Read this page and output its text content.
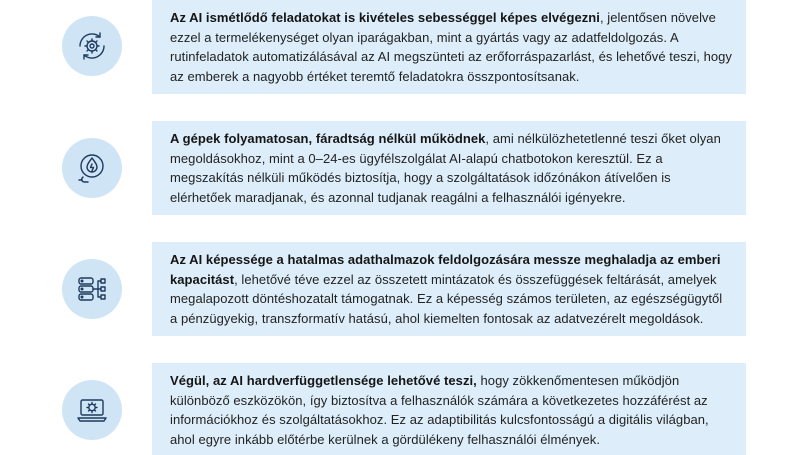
Az AI ismétlődő feladatokat is kivételes sebességgel képes elvégezni, jelentősen növelve ezzel a termelékenységet olyan iparágakban, mint a gyártás vagy az adatfeldolgozás. A rutinfeladatok automatizálásával az AI megszünteti az erőforráspazarlást, és lehetővé teszi, hogy az emberek a nagyobb értéket teremtő feladatokra összpontosítsanak.
A gépek folyamatosan, fáradtság nélkül működnek, ami nélkülözhetetlenné teszi őket olyan megoldásokhoz, mint a 0–24-es ügyfélszolgálat AI-alapú chatbotokon keresztül. Ez a megszakítás nélküli működés biztosítja, hogy a szolgáltatások időzónákon átívelően is elérhetőek maradjanak, és azonnal tudjanak reagálni a felhasználói igényekre.
Az AI képessége a hatalmas adathalmazok feldolgozására messze meghaladja az emberi kapacitást, lehetővé téve ezzel az összetett mintázatok és összefüggések feltárását, amelyek megalapozott döntéshozatalt támogatnak. Ez a képesség számos területen, az egészségügytől a pénzügyekig, transzformatív hatású, ahol kiemelten fontosak az adatvezérelt megoldások.
Végül, az AI hardverfüggetlensége lehetővé teszi, hogy zökkenőmentesen működjön különböző eszközökön, így biztosítva a felhasználók számára a következetes hozzáférést az információkhoz és szolgáltatásokhoz. Ez az adaptibilitás kulcsfontosságú a digitális világban, ahol egyre inkább előtérbe kerülnek a gördülékeny felhasználói élmények.
